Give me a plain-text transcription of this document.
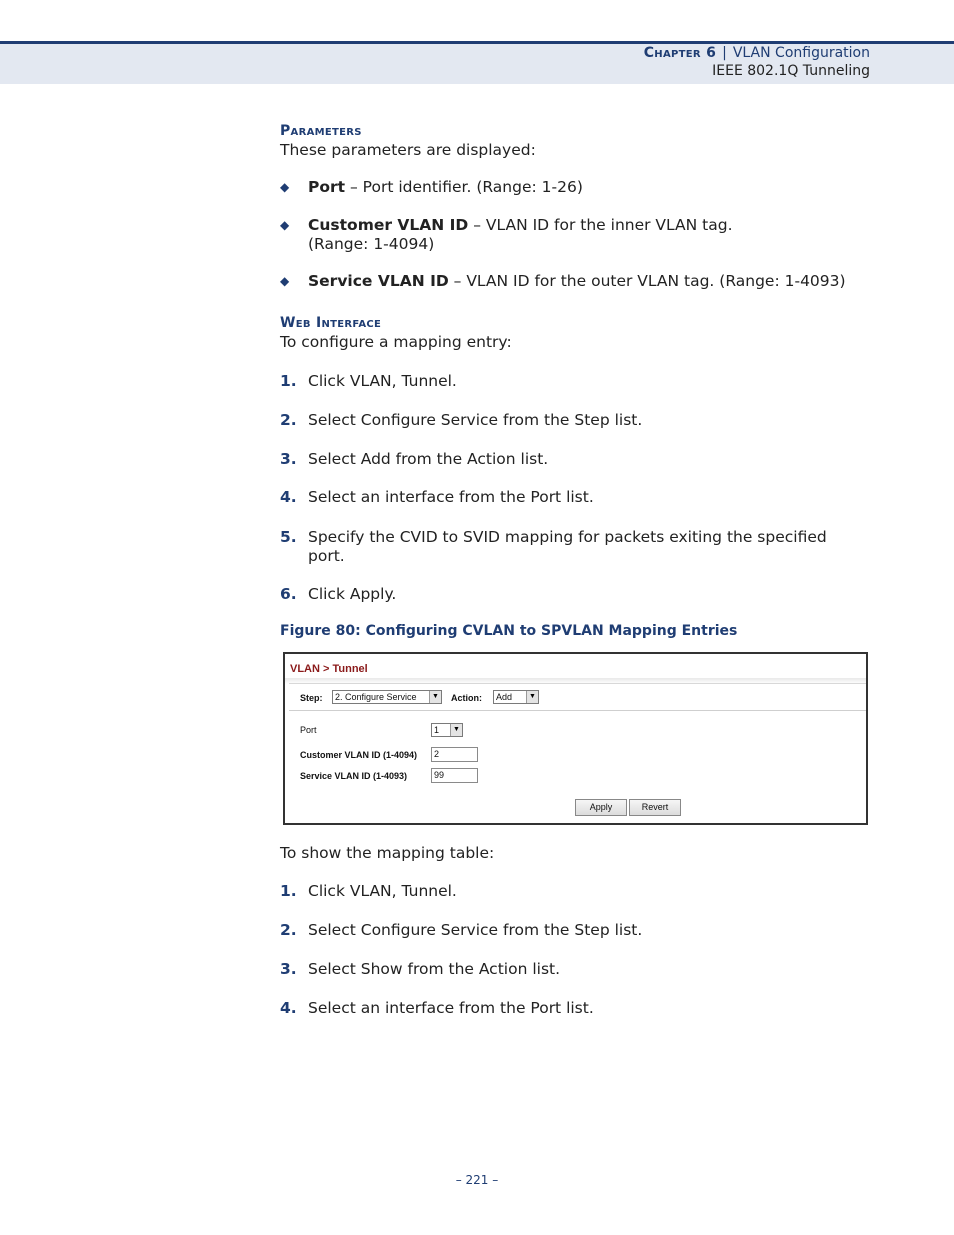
Chapter 6 | VLAN Configuration
IEEE 802.1Q Tunneling
Parameters
These parameters are displayed:
◆ Port – Port identifier. (Range: 1-26)
◆ Customer VLAN ID – VLAN ID for the inner VLAN tag.
(Range: 1-4094)
◆ Service VLAN ID – VLAN ID for the outer VLAN tag. (Range: 1-4093)
Web Interface
To configure a mapping entry:
1. Click VLAN, Tunnel.
2. Select Configure Service from the Step list.
3. Select Add from the Action list.
4. Select an interface from the Port list.
5. Specify the CVID to SVID mapping for packets exiting the specified port.
6. Click Apply.
Figure 80: Configuring CVLAN to SPVLAN Mapping Entries
VLAN > Tunnel
Step:	2. Configure Service	▼ Action:	Add	▼
Port	1	▼
Customer VLAN ID (1-4094)	2
Service VLAN ID (1-4093)	99
Apply	Revert
To show the mapping table:
1. Click VLAN, Tunnel.
2. Select Configure Service from the Step list.
3. Select Show from the Action list.
4. Select an interface from the Port list.
– 221 –
